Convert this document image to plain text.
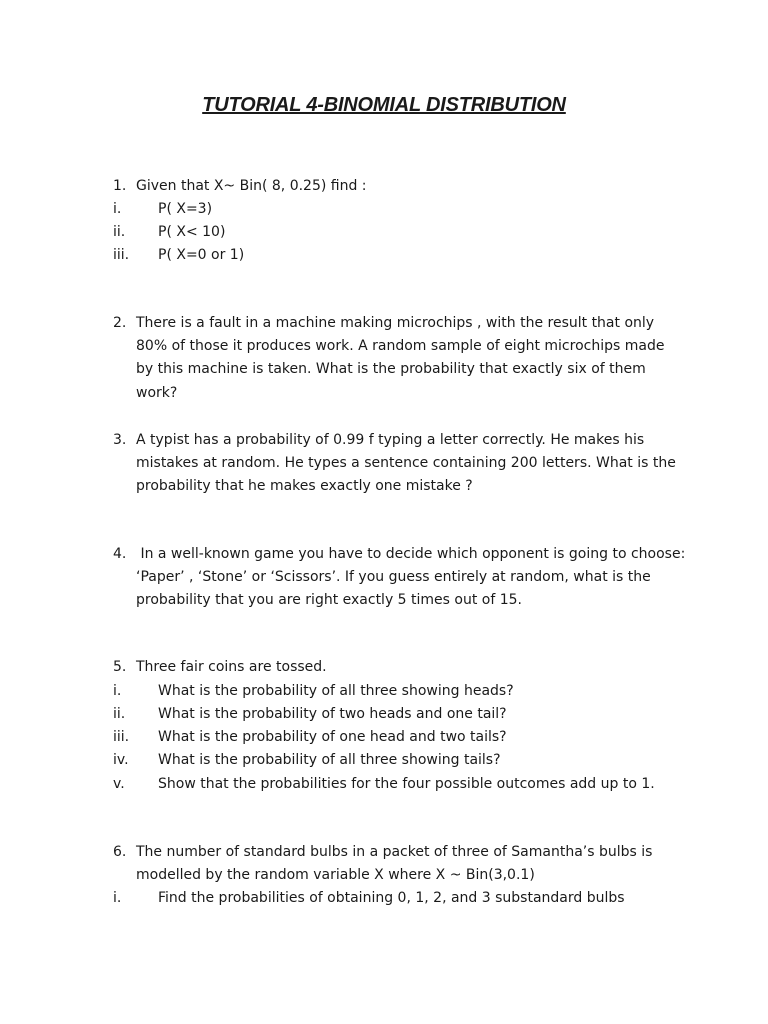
TUTORIAL 4-BINOMIAL DISTRIBUTION
1. Given that X~ Bin( 8, 0.25) find :
i.	P( X=3)
ii. P( X< 10)
iii. P( X=0 or 1)
2. There is a fault in a machine making microchips , with the result that only
80% of those it produces work. A random sample of eight microchips made
by this machine is taken. What is the probability that exactly six of them
work?
3. A typist has a probability of 0.99 f typing a letter correctly. He makes his
mistakes at random. He types a sentence containing 200 letters. What is the
probability that he makes exactly one mistake ?
4. In a well-known game you have to decide which opponent is going to choose:
‘Paper’ , ‘Stone’ or ‘Scissors’. If you guess entirely at random, what is the
probability that you are right exactly 5 times out of 15.
5. Three fair coins are tossed.
i.	What is the probability of all three showing heads?
ii. What is the probability of two heads and one tail?
iii. What is the probability of one head and two tails?
iv. What is the probability of all three showing tails?
v. Show that the probabilities for the four possible outcomes add up to 1.
6. The number of standard bulbs in a packet of three of Samantha’s bulbs is
modelled by the random variable X where X ~ Bin(3,0.1)
i.	Find the probabilities of obtaining 0, 1, 2, and 3 substandard bulbs
